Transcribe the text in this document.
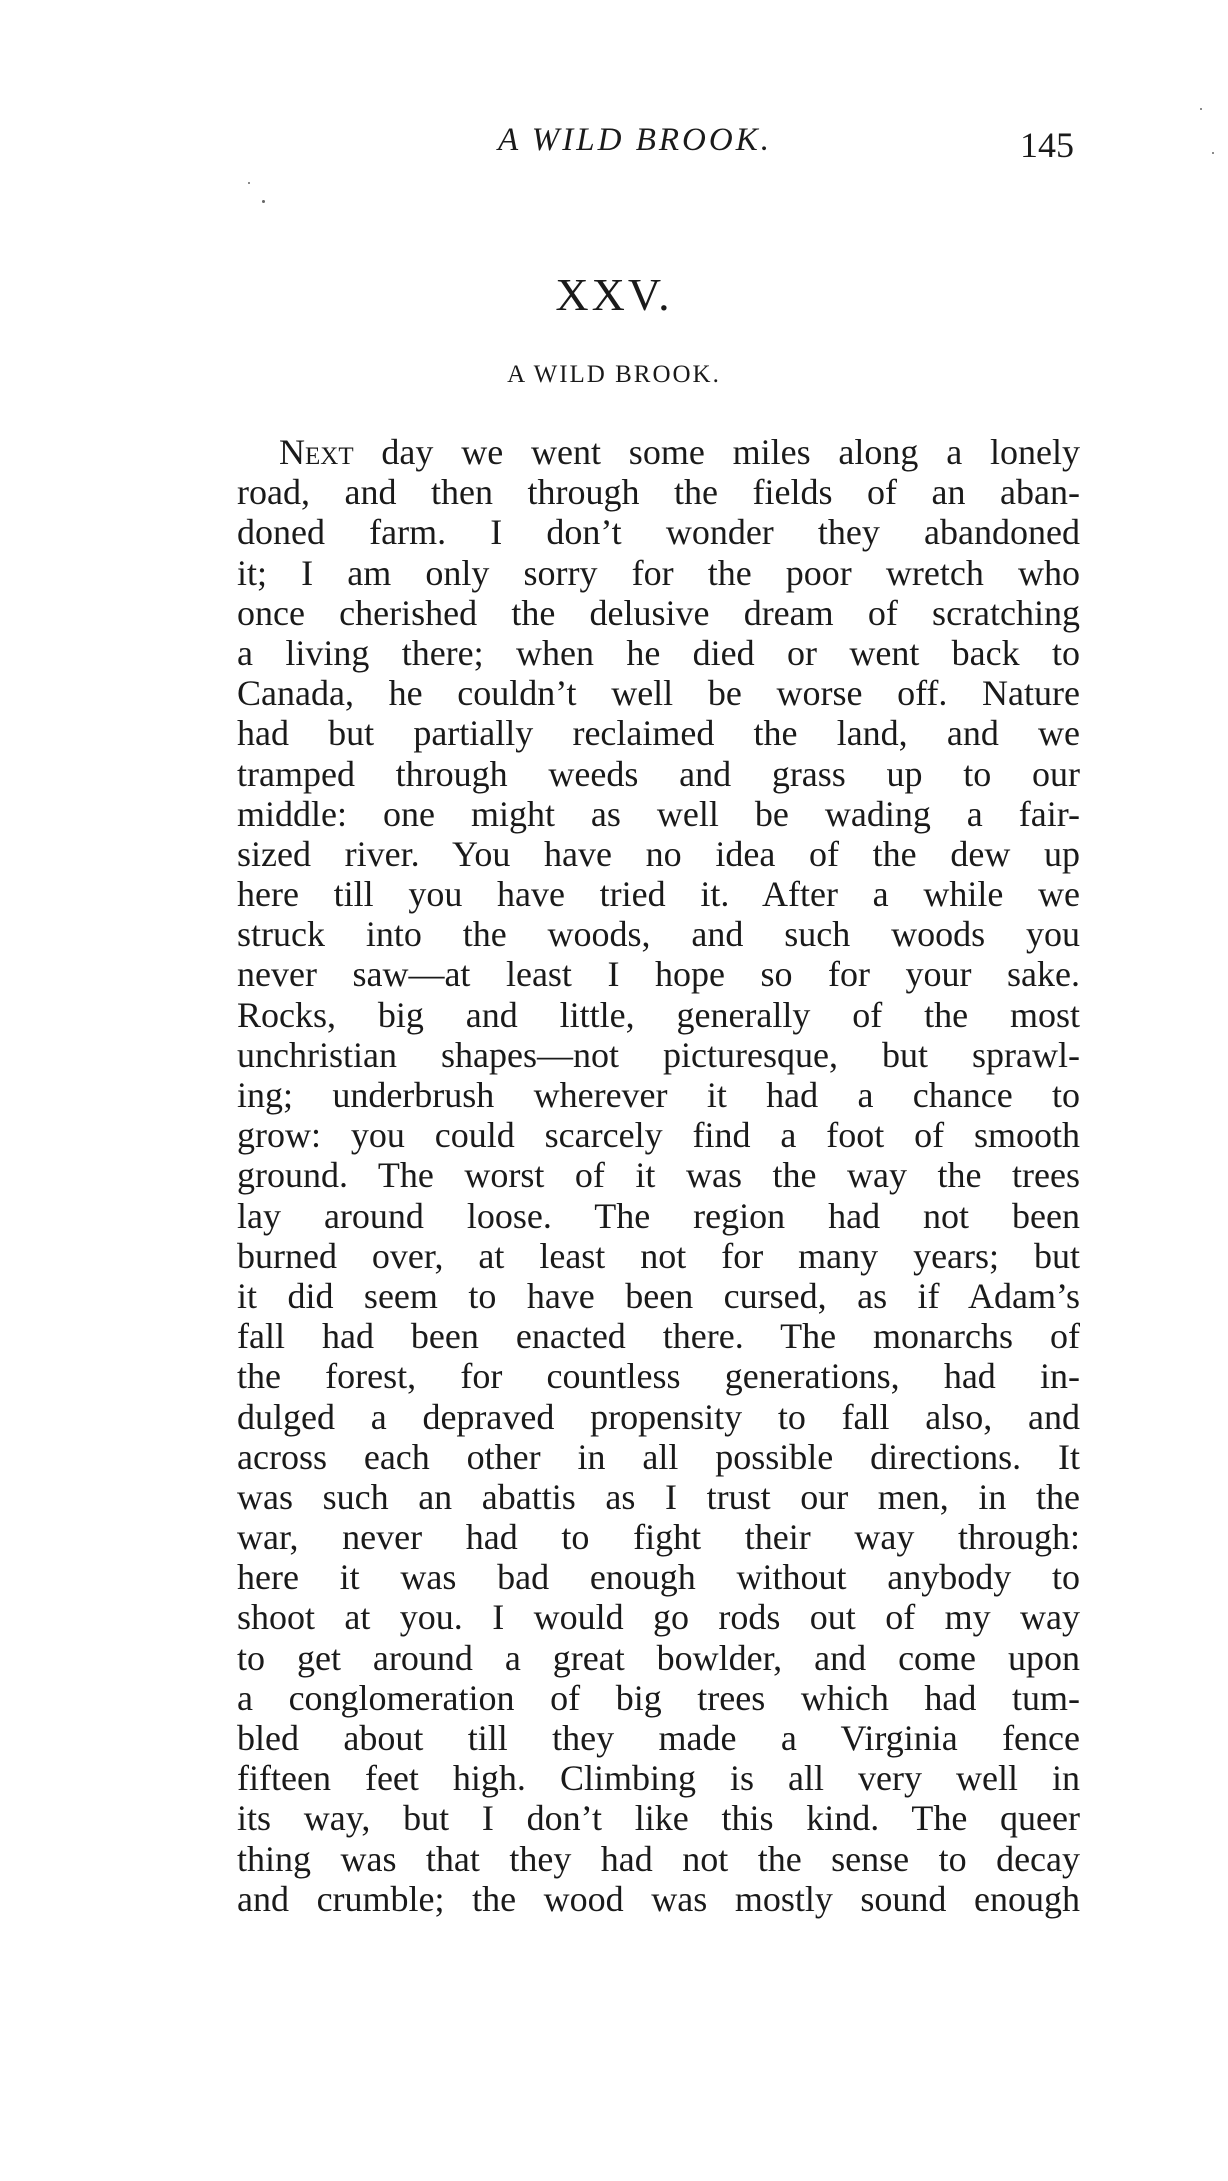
A WILD BROOK.	145
XXV.
A WILD BROOK.
Next day we went some miles along a lonely
road, and then through the fields of an aban-
doned farm. I don’t wonder they abandoned
it; I am only sorry for the poor wretch who
once cherished the delusive dream of scratching
a living there; when he died or went back to
Canada, he couldn’t well be worse off. Nature
had but partially reclaimed the land, and we
tramped through weeds and grass up to our
middle: one might as well be wading a fair-
sized river. You have no idea of the dew up
here till you have tried it. After a while we
struck into the woods, and such woods you
never saw—at least I hope so for your sake.
Rocks, big and little, generally of the most
unchristian shapes—not picturesque, but sprawl-
ing; underbrush wherever it had a chance to
grow: you could scarcely find a foot of smooth
ground. The worst of it was the way the trees
lay around loose. The region had not been
burned over, at least not for many years; but
it did seem to have been cursed, as if Adam’s
fall had been enacted there. The monarchs of
the forest, for countless generations, had in-
dulged a depraved propensity to fall also, and
across each other in all possible directions. It
was such an abattis as I trust our men, in the
war, never had to fight their way through:
here it was bad enough without anybody to
shoot at you. I would go rods out of my way
to get around a great bowlder, and come upon
a conglomeration of big trees which had tum-
bled about till they made a Virginia fence
fifteen feet high. Climbing is all very well in
its way, but I don’t like this kind. The queer
thing was that they had not the sense to decay
and crumble; the wood was mostly sound enough
